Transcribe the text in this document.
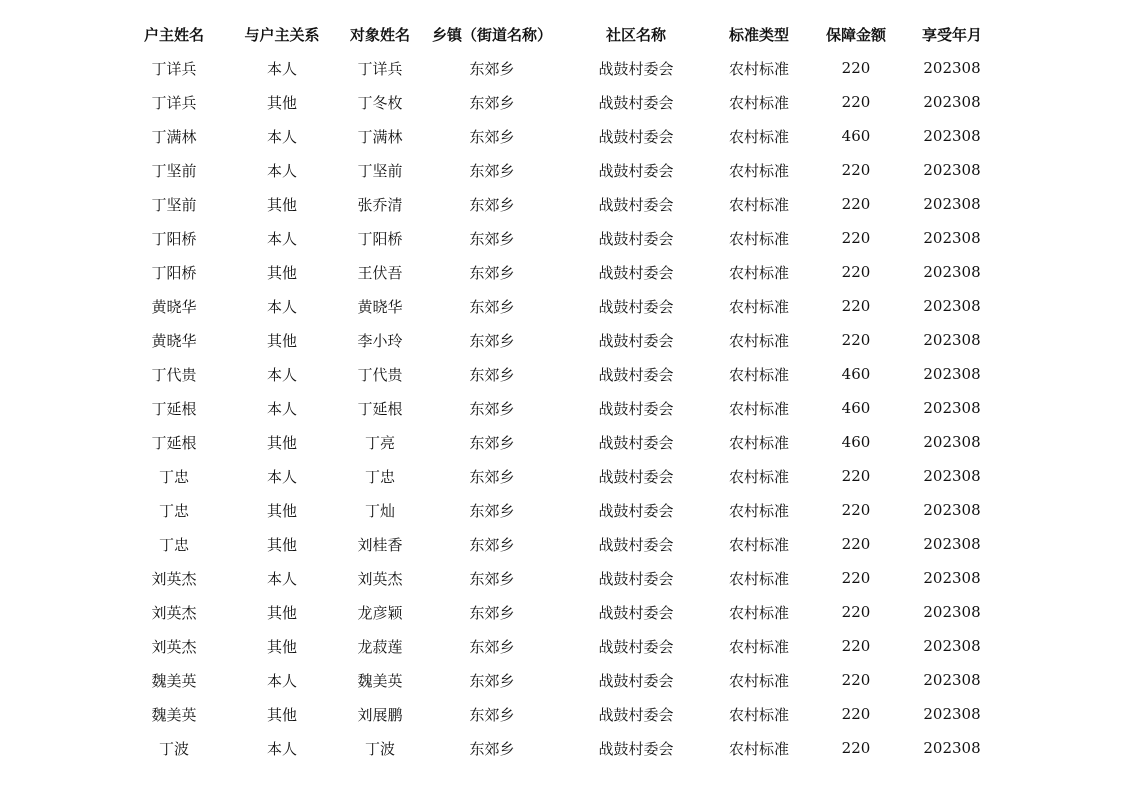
户主姓名	与户主关系	对象姓名	乡镇（街道名称）	社区名称	标准类型	保障金额	享受年月
丁详兵	本人	丁详兵	东郊乡	战鼓村委会	农村标准	220	202308
丁详兵	其他	丁冬枚	东郊乡	战鼓村委会	农村标准	220	202308
丁满林	本人	丁满林	东郊乡	战鼓村委会	农村标准	460	202308
丁坚前	本人	丁坚前	东郊乡	战鼓村委会	农村标准	220	202308
丁坚前	其他	张乔清	东郊乡	战鼓村委会	农村标准	220	202308
丁阳桥	本人	丁阳桥	东郊乡	战鼓村委会	农村标准	220	202308
丁阳桥	其他	王伏吾	东郊乡	战鼓村委会	农村标准	220	202308
黄晓华	本人	黄晓华	东郊乡	战鼓村委会	农村标准	220	202308
黄晓华	其他	李小玲	东郊乡	战鼓村委会	农村标准	220	202308
丁代贵	本人	丁代贵	东郊乡	战鼓村委会	农村标准	460	202308
丁延根	本人	丁延根	东郊乡	战鼓村委会	农村标准	460	202308
丁延根	其他	丁亮	东郊乡	战鼓村委会	农村标准	460	202308
丁忠	本人	丁忠	东郊乡	战鼓村委会	农村标准	220	202308
丁忠	其他	丁灿	东郊乡	战鼓村委会	农村标准	220	202308
丁忠	其他	刘桂香	东郊乡	战鼓村委会	农村标准	220	202308
刘英杰	本人	刘英杰	东郊乡	战鼓村委会	农村标准	220	202308
刘英杰	其他	龙彦颖	东郊乡	战鼓村委会	农村标准	220	202308
刘英杰	其他	龙菽莲	东郊乡	战鼓村委会	农村标准	220	202308
魏美英	本人	魏美英	东郊乡	战鼓村委会	农村标准	220	202308
魏美英	其他	刘展鹏	东郊乡	战鼓村委会	农村标准	220	202308
丁波	本人	丁波	东郊乡	战鼓村委会	农村标准	220	202308
